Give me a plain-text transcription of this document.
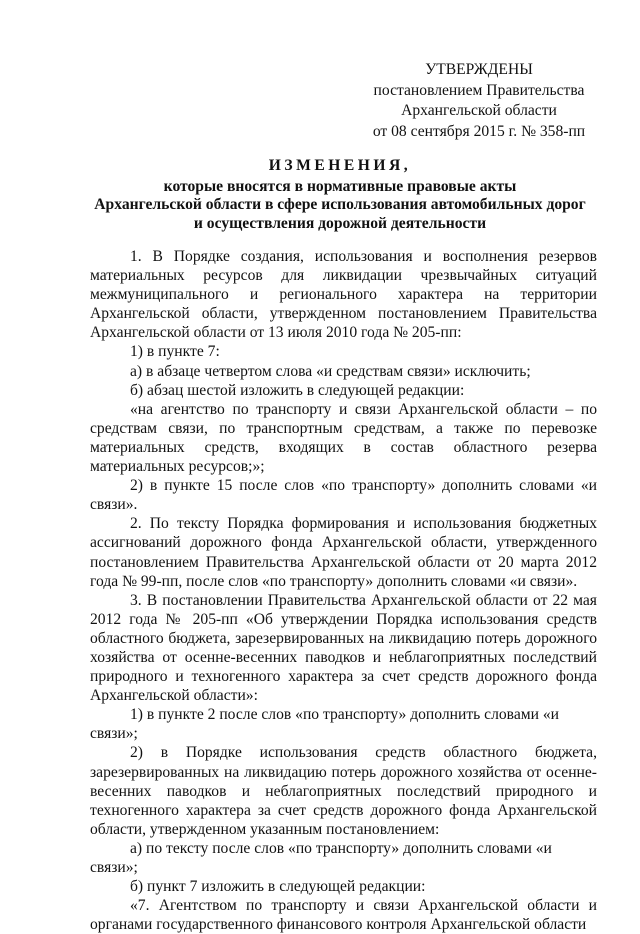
УТВЕРЖДЕНЫ
постановлением Правительства
Архангельской области
от 08 сентября 2015 г. № 358-пп
ИЗМЕНЕНИЯ,
которые вносятся в нормативные правовые акты
Архангельской области в сфере использования автомобильных дорог
и осуществления дорожной деятельности

1. В Порядке создания, использования и восполнения резервов материальных ресурсов для ликвидации чрезвычайных ситуаций межмуниципального и регионального характера на территории Архангельской области, утвержденном постановлением Правительства Архангельской области от 13 июля 2010 года № 205-пп:

1) в пункте 7:

а) в абзаце четвертом слова «и средствам связи» исключить;

б) абзац шестой изложить в следующей редакции:

«на агентство по транспорту и связи Архангельской области – по средствам связи, по транспортным средствам, а также по перевозке материальных средств, входящих в состав областного резерва материальных ресурсов;»;

2) в пункте 15 после слов «по транспорту» дополнить словами «и связи».

2. По тексту Порядка формирования и использования бюджетных ассигнований дорожного фонда Архангельской области, утвержденного постановлением Правительства Архангельской области от 20 марта 2012 года № 99-пп, после слов «по транспорту» дополнить словами «и связи».

3. В постановлении Правительства Архангельской области от 22 мая 2012 года № 205-пп «Об утверждении Порядка использования средств областного бюджета, зарезервированных на ликвидацию потерь дорожного хозяйства от осенне-весенних паводков и неблагоприятных последствий природного и техногенного характера за счет средств дорожного фонда Архангельской области»:

1) в пункте 2 после слов «по транспорту» дополнить словами «и связи»;

2) в Порядке использования средств областного бюджета, зарезервированных на ликвидацию потерь дорожного хозяйства от осенне-весенних паводков и неблагоприятных последствий природного и техногенного характера за счет средств дорожного фонда Архангельской области, утвержденном указанным постановлением:

а) по тексту после слов «по транспорту» дополнить словами «и связи»;

б) пункт 7 изложить в следующей редакции:

«7. Агентством по транспорту и связи Архангельской области и органами государственного финансового контроля Архангельской области
